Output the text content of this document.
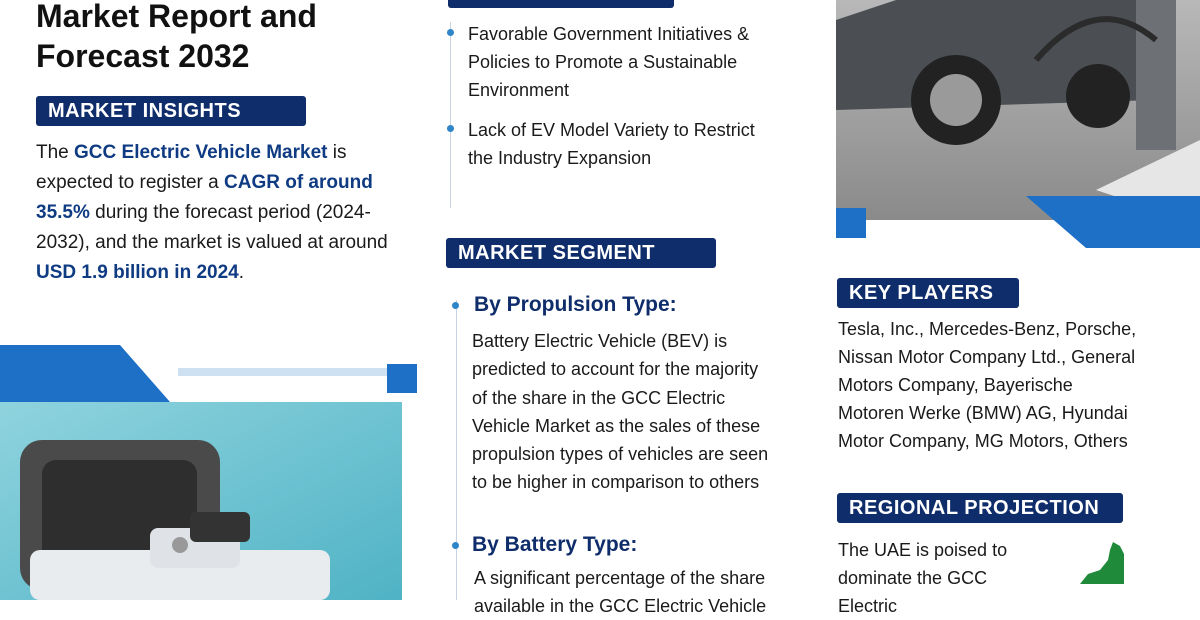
Market Report and Forecast 2032
MARKET INSIGHTS
The GCC Electric Vehicle Market is expected to register a CAGR of around 35.5% during the forecast period (2024-2032), and the market is valued at around USD 1.9 billion in 2024.
Favorable Government Initiatives & Policies to Promote a Sustainable Environment
Lack of EV Model Variety to Restrict the Industry Expansion
MARKET SEGMENT
By Propulsion Type:
Battery Electric Vehicle (BEV) is predicted to account for the majority of the share in the GCC Electric Vehicle Market as the sales of these propulsion types of vehicles are seen to be higher in comparison to others
By Battery Type:
A significant percentage of the share available in the GCC Electric Vehicle
KEY PLAYERS
Tesla, Inc., Mercedes-Benz, Porsche, Nissan Motor Company Ltd., General Motors Company, Bayerische Motoren Werke (BMW) AG, Hyundai Motor Company, MG Motors, Others
REGIONAL PROJECTION
The UAE is poised to dominate the GCC Electric
